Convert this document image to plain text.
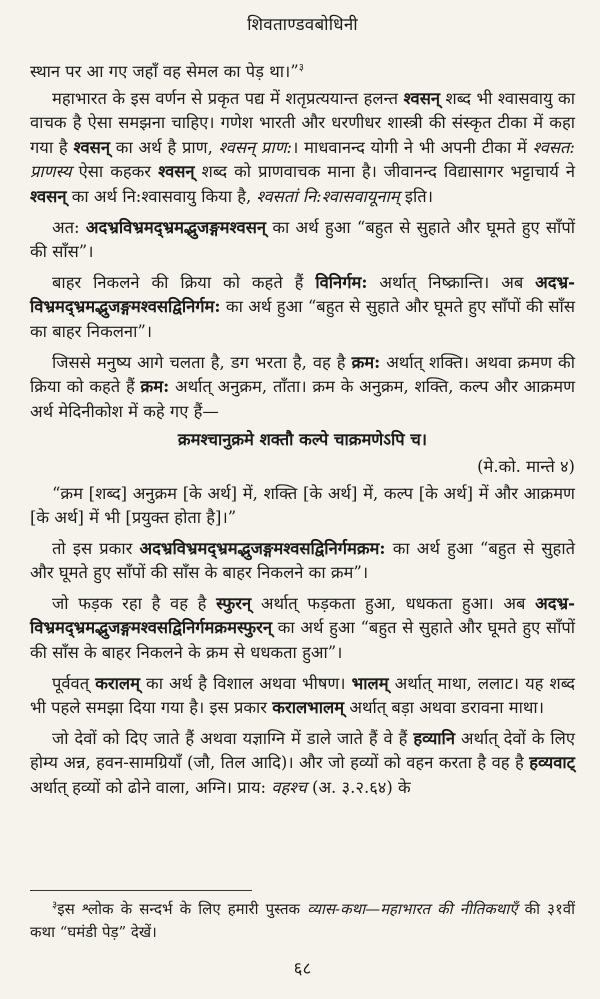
शिवताण्डवबोधिनी

स्थान पर आ गए जहाँ वह सेमल का पेड़ था।”$^३$

महाभारत के इस वर्णन से प्रकृत पद्य में शतृप्रत्ययान्त हलन्त श्वसन् शब्द भी श्वासवायु का वाचक है ऐसा समझना चाहिए। गणेश भारती और धरणीधर शास्त्री की संस्कृत टीका में कहा गया है श्वसन् का अर्थ है प्राण, श्वसन् प्राण:। माधवानन्द योगी ने भी अपनी टीका में श्वसत: प्राणस्य ऐसा कहकर श्वसन् शब्द को प्राणवाचक माना है। जीवानन्द विद्यासागर भट्टाचार्य ने श्वसन् का अर्थ नि:श्वासवायु किया है, श्वसतां नि:श्वासवायूनाम् इति।

अत: अदभ्रविभ्रमद्भ्रमद्भुजङ्गमश्वसन् का अर्थ हुआ “बहुत से सुहाते और घूमते हुए साँपों की साँस”।

बाहर निकलने की क्रिया को कहते हैं विनिर्गम: अर्थात् निष्क्रान्ति। अब अदभ्र-विभ्रमद्भ्रमद्भुजङ्गमश्वसद्विनिर्गम: का अर्थ हुआ “बहुत से सुहाते और घूमते हुए साँपों की साँस का बाहर निकलना”।

जिससे मनुष्य आगे चलता है, डग भरता है, वह है क्रम: अर्थात् शक्ति। अथवा क्रमण की क्रिया को कहते हैं क्रम: अर्थात् अनुक्रम, ताँता। क्रम के अनुक्रम, शक्ति, कल्प और आक्रमण अर्थ मेदिनीकोश में कहे गए हैं—

क्रमश्चानुक्रमे शक्तौ कल्पे चाक्रमणेऽपि च।

(मे.को. मान्ते ४)

“क्रम [शब्द] अनुक्रम [के अर्थ] में, शक्ति [के अर्थ] में, कल्प [के अर्थ] में और आक्रमण [के अर्थ] में भी [प्रयुक्त होता है]।”

तो इस प्रकार अदभ्रविभ्रमद्भ्रमद्भुजङ्गमश्वसद्विनिर्गमक्रम: का अर्थ हुआ “बहुत से सुहाते और घूमते हुए साँपों की साँस के बाहर निकलने का क्रम”।

जो फड़क रहा है वह है स्फुरन् अर्थात् फड़कता हुआ, धधकता हुआ। अब अदभ्र-विभ्रमद्भ्रमद्भुजङ्गमश्वसद्विनिर्गमक्रमस्फुरन् का अर्थ हुआ “बहुत से सुहाते और घूमते हुए साँपों की साँस के बाहर निकलने के क्रम से धधकता हुआ”।

पूर्ववत् करालम् का अर्थ है विशाल अथवा भीषण। भालम् अर्थात् माथा, ललाट। यह शब्द भी पहले समझा दिया गया है। इस प्रकार करालभालम् अर्थात् बड़ा अथवा डरावना माथा।

जो देवों को दिए जाते हैं अथवा यज्ञाग्नि में डाले जाते हैं वे हैं हव्यानि अर्थात् देवों के लिए होम्य अन्न, हवन-सामग्रियाँ (जौ, तिल आदि)। और जो हव्यों को वहन करता है वह है हव्यवाट् अर्थात् हव्यों को ढोने वाला, अग्नि। प्राय: वहश्च (अ. ३.२.६४) के

$^३$इस श्लोक के सन्दर्भ के लिए हमारी पुस्तक व्यास-कथा—महाभारत की नीतिकथाएँ की ३१वीं कथा “घमंडी पेड़” देखें।

६८
